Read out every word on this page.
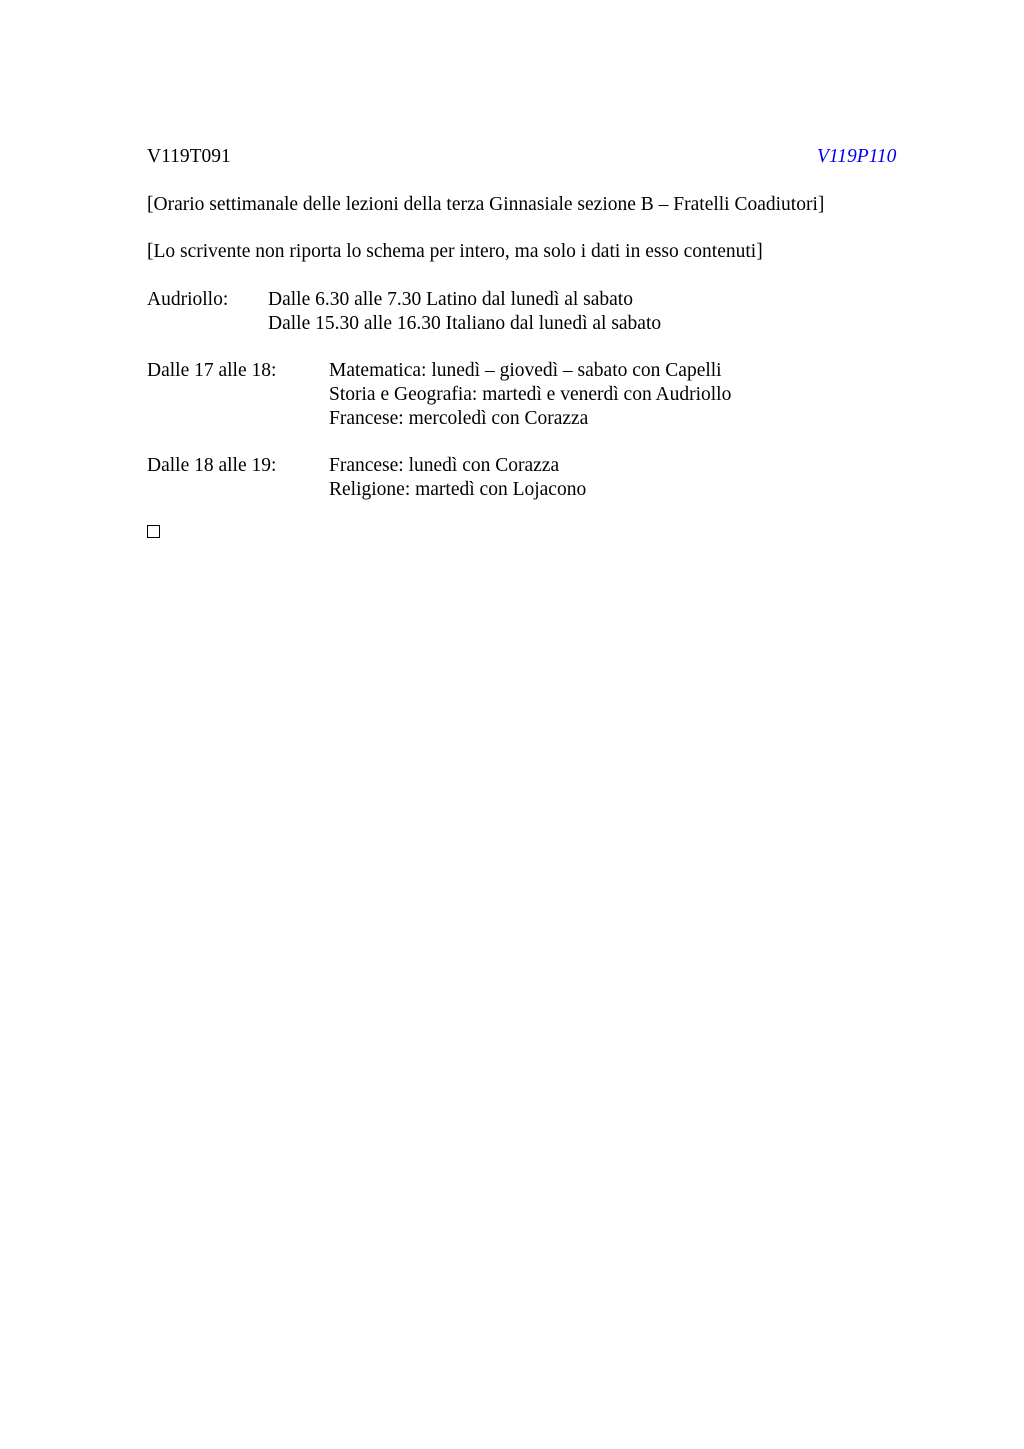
V119T091	V119P110
[Orario settimanale delle lezioni della terza Ginnasiale sezione B – Fratelli Coadiutori]
[Lo scrivente non riporta lo schema per intero, ma solo i dati in esso contenuti]
Audriollo: Dalle 6.30 alle 7.30 Latino dal lunedì al sabato
Dalle 15.30 alle 16.30 Italiano dal lunedì al sabato
Dalle 17 alle 18:	Matematica: lunedì – giovedì – sabato con Capelli
Storia e Geografia: martedì e venerdì con Audriollo
Francese: mercoledì con Corazza
Dalle 18 alle 19:	Francese: lunedì con Corazza
Religione: martedì con Lojacono
